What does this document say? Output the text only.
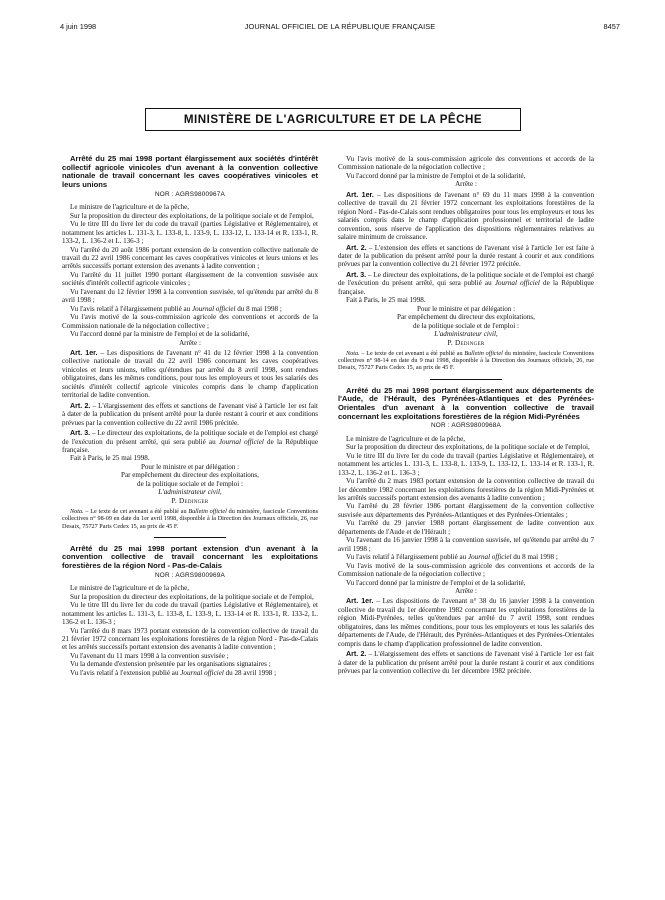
4 juin 1998	JOURNAL OFFICIEL DE LA RÉPUBLIQUE FRANÇAISE	8457
MINISTÈRE DE L'AGRICULTURE ET DE LA PÊCHE

Arrêté du 25 mai 1998 portant élargissement aux sociétés d'intérêt collectif agricole vinicoles d'un avenant à la convention collective nationale de travail concernant les caves coopératives vinicoles et leurs unions

NOR : AGRS9800967A

Le ministre de l'agriculture et de la pêche,

Sur la proposition du directeur des exploitations, de la politique sociale et de l'emploi,

Vu le titre III du livre Ier du code du travail (parties Législative et Réglementaire), et notamment les articles L. 131-3, L. 133-8, L. 133-9, L. 133-12, L. 133-14 et R. 133-1, R. 133-2, L. 136-2 et L. 136-3 ;

Vu l'arrêté du 20 août 1986 portant extension de la convention collective nationale de travail du 22 avril 1986 concernant les caves coopératives vinicoles et leurs unions et les arrêtés successifs portant extension des avenants à ladite convention ;

Vu l'arrêté du 11 juillet 1990 portant élargissement de la convention susvisée aux sociétés d'intérêt collectif agricole vinicoles ;

Vu l'avenant du 12 février 1998 à la convention susvisée, tel qu'étendu par arrêté du 8 avril 1998 ;

Vu l'avis relatif à l'élargissement publié au Journal officiel du 8 mai 1998 ;

Vu l'avis motivé de la sous-commission agricole des conventions et accords de la Commission nationale de la négociation collective ;

Vu l'accord donné par la ministre de l'emploi et de la solidarité,

Arrête :

Art. 1er. – Les dispositions de l'avenant n° 41 du 12 février 1998 à la convention collective nationale de travail du 22 avril 1986 concernant les caves coopératives vinicoles et leurs unions, telles qu'étendues par arrêté du 8 avril 1998, sont rendues obligatoires, dans les mêmes conditions, pour tous les employeurs et tous les salariés des sociétés d'intérêt collectif agricole vinicoles compris dans le champ d'application territorial de ladite convention.

Art. 2. – L'élargissement des effets et sanctions de l'avenant visé à l'article 1er est fait à dater de la publication du présent arrêté pour la durée restant à courir et aux conditions prévues par la convention collective du 22 avril 1986 précitée.

Art. 3. – Le directeur des exploitations, de la politique sociale et de l'emploi est chargé de l'exécution du présent arrêté, qui sera publié au Journal officiel de la République française.

Fait à Paris, le 25 mai 1998.

Pour le ministre et par délégation :

Par empêchement du directeur des exploitations,

de la politique sociale et de l'emploi :

L'administrateur civil,

P. Dedinger

Nota. – Le texte de cet avenant a été publié au Bulletin officiel du ministère, fascicule Conventions collectives n° 98-09 en date du 1er avril 1998, disponible à la Direction des Journaux officiels, 26, rue Desaix, 75727 Paris Cedex 15, au prix de 45 F.

Arrêté du 25 mai 1998 portant extension d'un avenant à la convention collective de travail concernant les exploitations forestières de la région Nord - Pas-de-Calais

NOR : AGRS9800969A

Le ministre de l'agriculture et de la pêche,

Sur la proposition du directeur des exploitations, de la politique sociale et de l'emploi,

Vu le titre III du livre Ier du code du travail (parties Législative et Réglementaire), et notamment les articles L. 131-3, L. 133-8, L. 133-9, L. 133-14 et R. 133-1, R. 133-2, L. 136-2 et L. 136-3 ;

Vu l'arrêté du 8 mars 1973 portant extension de la convention collective de travail du 21 février 1972 concernant les exploitations forestières de la région Nord - Pas-de-Calais et les arrêtés successifs portant extension des avenants à ladite convention ;

Vu l'avenant du 11 mars 1998 à la convention susvisée ;

Vu la demande d'extension présentée par les organisations signataires ;

Vu l'avis relatif à l'extension publié au Journal officiel du 28 avril 1998 ;

Vu l'avis motivé de la sous-commission agricole des conventions et accords de la Commission nationale de la négociation collective ;

Vu l'accord donné par la ministre de l'emploi et de la solidarité,

Arrête :

Art. 1er. – Les dispositions de l'avenant n° 69 du 11 mars 1998 à la convention collective de travail du 21 février 1972 concernant les exploitations forestières de la région Nord - Pas-de-Calais sont rendues obligatoires pour tous les employeurs et tous les salariés compris dans le champ d'application professionnel et territorial de ladite convention, sous réserve de l'application des dispositions réglementaires relatives au salaire minimum de croissance.

Art. 2. – L'extension des effets et sanctions de l'avenant visé à l'article 1er est faite à dater de la publication du présent arrêté pour la durée restant à courir et aux conditions prévues par la convention collective du 21 février 1972 précitée.

Art. 3. – Le directeur des exploitations, de la politique sociale et de l'emploi est chargé de l'exécution du présent arrêté, qui sera publié au Journal officiel de la République française.

Fait à Paris, le 25 mai 1998.

Pour le ministre et par délégation :

Par empêchement du directeur des exploitations,

de la politique sociale et de l'emploi :

L'administrateur civil,

P. Dedinger

Nota. – Le texte de cet avenant a été publié au Bulletin officiel du ministère, fascicule Conventions collectives n° 98-14 en date du 9 mai 1998, disponible à la Direction des Journaux officiels, 26, rue Desaix, 75727 Paris Cedex 15, au prix de 45 F.

Arrêté du 25 mai 1998 portant élargissement aux départements de l'Aude, de l'Hérault, des Pyrénées-Atlantiques et des Pyrénées-Orientales d'un avenant à la convention collective de travail concernant les exploitations forestières de la région Midi-Pyrénées

NOR : AGRS9800968A

Le ministre de l'agriculture et de la pêche,

Sur la proposition du directeur des exploitations, de la politique sociale et de l'emploi,

Vu le titre III du livre Ier du code du travail (parties Législative et Réglementaire), et notamment les articles L. 131-3, L. 133-8, L. 133-9, L. 133-12, L. 133-14 et R. 133-1, R. 133-2, L. 136-2 et L. 136-3 ;

Vu l'arrêté du 2 mars 1983 portant extension de la convention collective de travail du 1er décembre 1982 concernant les exploitations forestières de la région Midi-Pyrénées et les arrêtés successifs portant extension des avenants à ladite convention ;

Vu l'arrêté du 28 février 1986 portant élargissement de la convention collective susvisée aux départements des Pyrénées-Atlantiques et des Pyrénées-Orientales ;

Vu l'arrêté du 29 janvier 1988 portant élargissement de ladite convention aux départements de l'Aude et de l'Hérault ;

Vu l'avenant du 16 janvier 1998 à la convention susvisée, tel qu'étendu par arrêté du 7 avril 1998 ;

Vu l'avis relatif à l'élargissement publié au Journal officiel du 8 mai 1998 ;

Vu l'avis motivé de la sous-commission agricole des conventions et accords de la Commission nationale de la négociation collective ;

Vu l'accord donné par la ministre de l'emploi et de la solidarité,

Arrête :

Art. 1er. – Les dispositions de l'avenant n° 38 du 16 janvier 1998 à la convention collective de travail du 1er décembre 1982 concernant les exploitations forestières de la région Midi-Pyrénées, telles qu'étendues par arrêté du 7 avril 1998, sont rendues obligatoires, dans les mêmes conditions, pour tous les employeurs et tous les salariés des départements de l'Aude, de l'Hérault, des Pyrénées-Atlantiques et des Pyrénées-Orientales compris dans le champ d'application professionnel de ladite convention.

Art. 2. – L'élargissement des effets et sanctions de l'avenant visé à l'article 1er est fait à dater de la publication du présent arrêté pour la durée restant à courir et aux conditions prévues par la convention collective du 1er décembre 1982 précitée.
